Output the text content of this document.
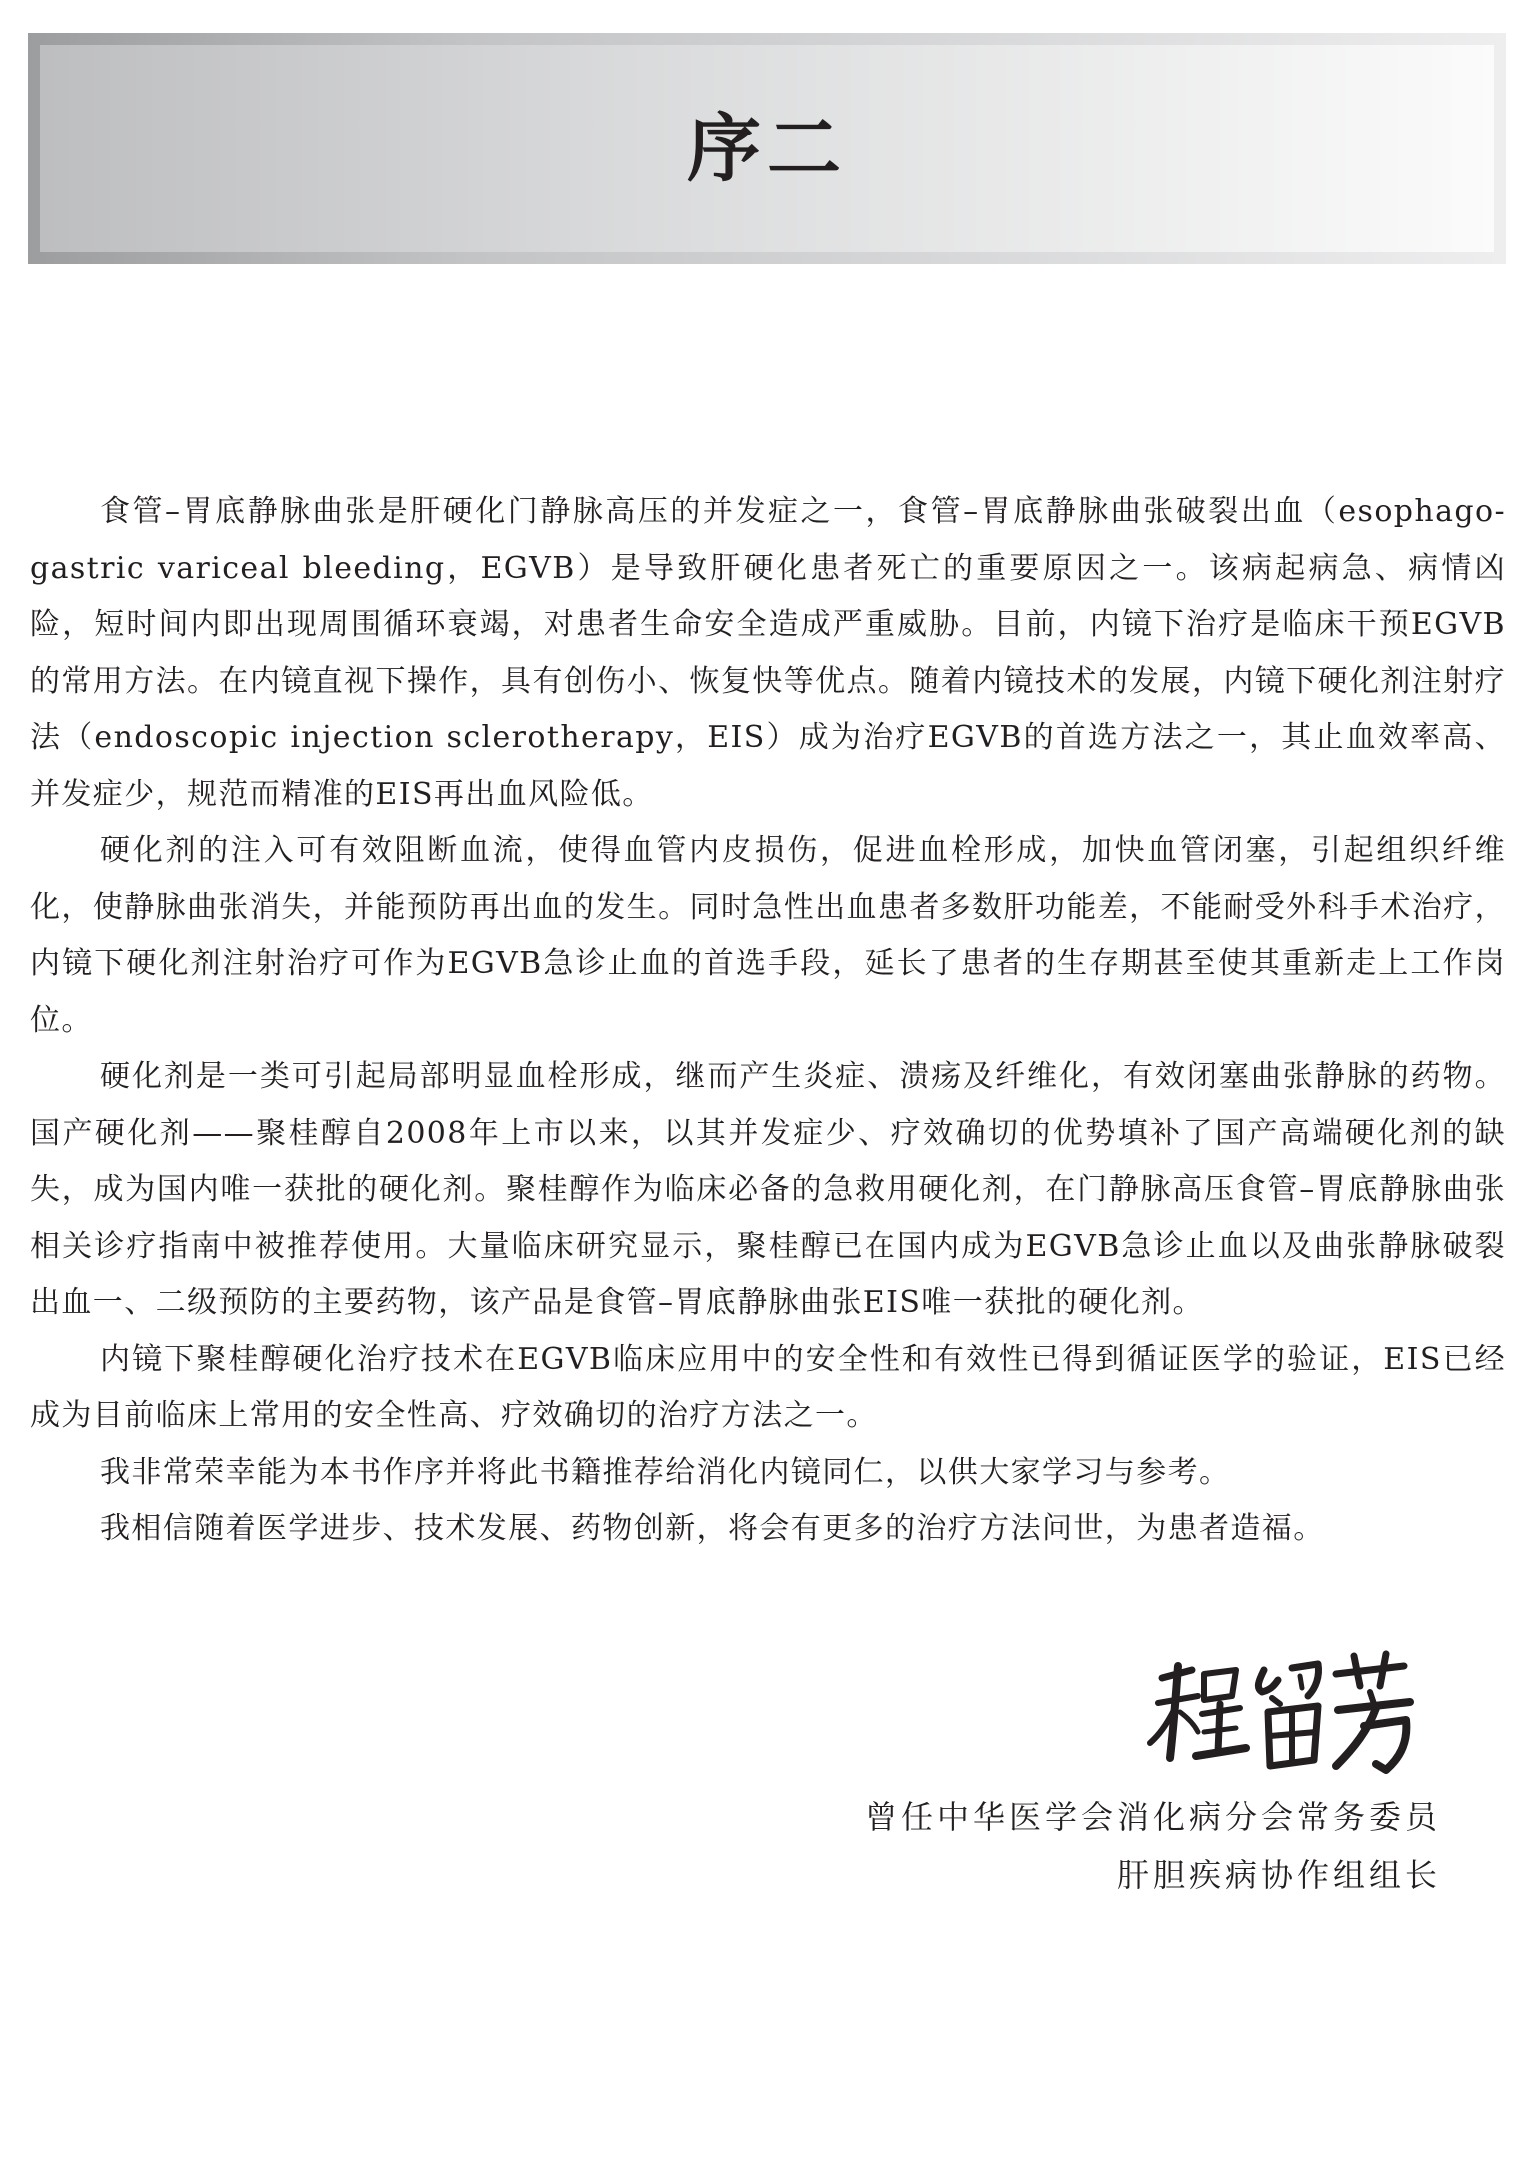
序二

食管–胃底静脉曲张是肝硬化门静脉高压的并发症之一，食管–胃底静脉曲张破裂出血（esophago-gastric variceal bleeding，EGVB）是导致肝硬化患者死亡的重要原因之一。该病起病急、病情凶险，短时间内即出现周围循环衰竭，对患者生命安全造成严重威胁。目前，内镜下治疗是临床干预EGVB的常用方法。在内镜直视下操作，具有创伤小、恢复快等优点。随着内镜技术的发展，内镜下硬化剂注射疗法（endoscopic injection sclerotherapy，EIS）成为治疗EGVB的首选方法之一，其止血效率高、并发症少，规范而精准的EIS再出血风险低。

硬化剂的注入可有效阻断血流，使得血管内皮损伤，促进血栓形成，加快血管闭塞，引起组织纤维化，使静脉曲张消失，并能预防再出血的发生。同时急性出血患者多数肝功能差，不能耐受外科手术治疗，内镜下硬化剂注射治疗可作为EGVB急诊止血的首选手段，延长了患者的生存期甚至使其重新走上工作岗位。

硬化剂是一类可引起局部明显血栓形成，继而产生炎症、溃疡及纤维化，有效闭塞曲张静脉的药物。国产硬化剂——聚桂醇自2008年上市以来，以其并发症少、疗效确切的优势填补了国产高端硬化剂的缺失，成为国内唯一获批的硬化剂。聚桂醇作为临床必备的急救用硬化剂，在门静脉高压食管–胃底静脉曲张相关诊疗指南中被推荐使用。大量临床研究显示，聚桂醇已在国内成为EGVB急诊止血以及曲张静脉破裂出血一、二级预防的主要药物，该产品是食管–胃底静脉曲张EIS唯一获批的硬化剂。

内镜下聚桂醇硬化治疗技术在EGVB临床应用中的安全性和有效性已得到循证医学的验证，EIS已经成为目前临床上常用的安全性高、疗效确切的治疗方法之一。

我非常荣幸能为本书作序并将此书籍推荐给消化内镜同仁，以供大家学习与参考。

我相信随着医学进步、技术发展、药物创新，将会有更多的治疗方法问世，为患者造福。

曾任中华医学会消化病分会常务委员
肝胆疾病协作组组长
